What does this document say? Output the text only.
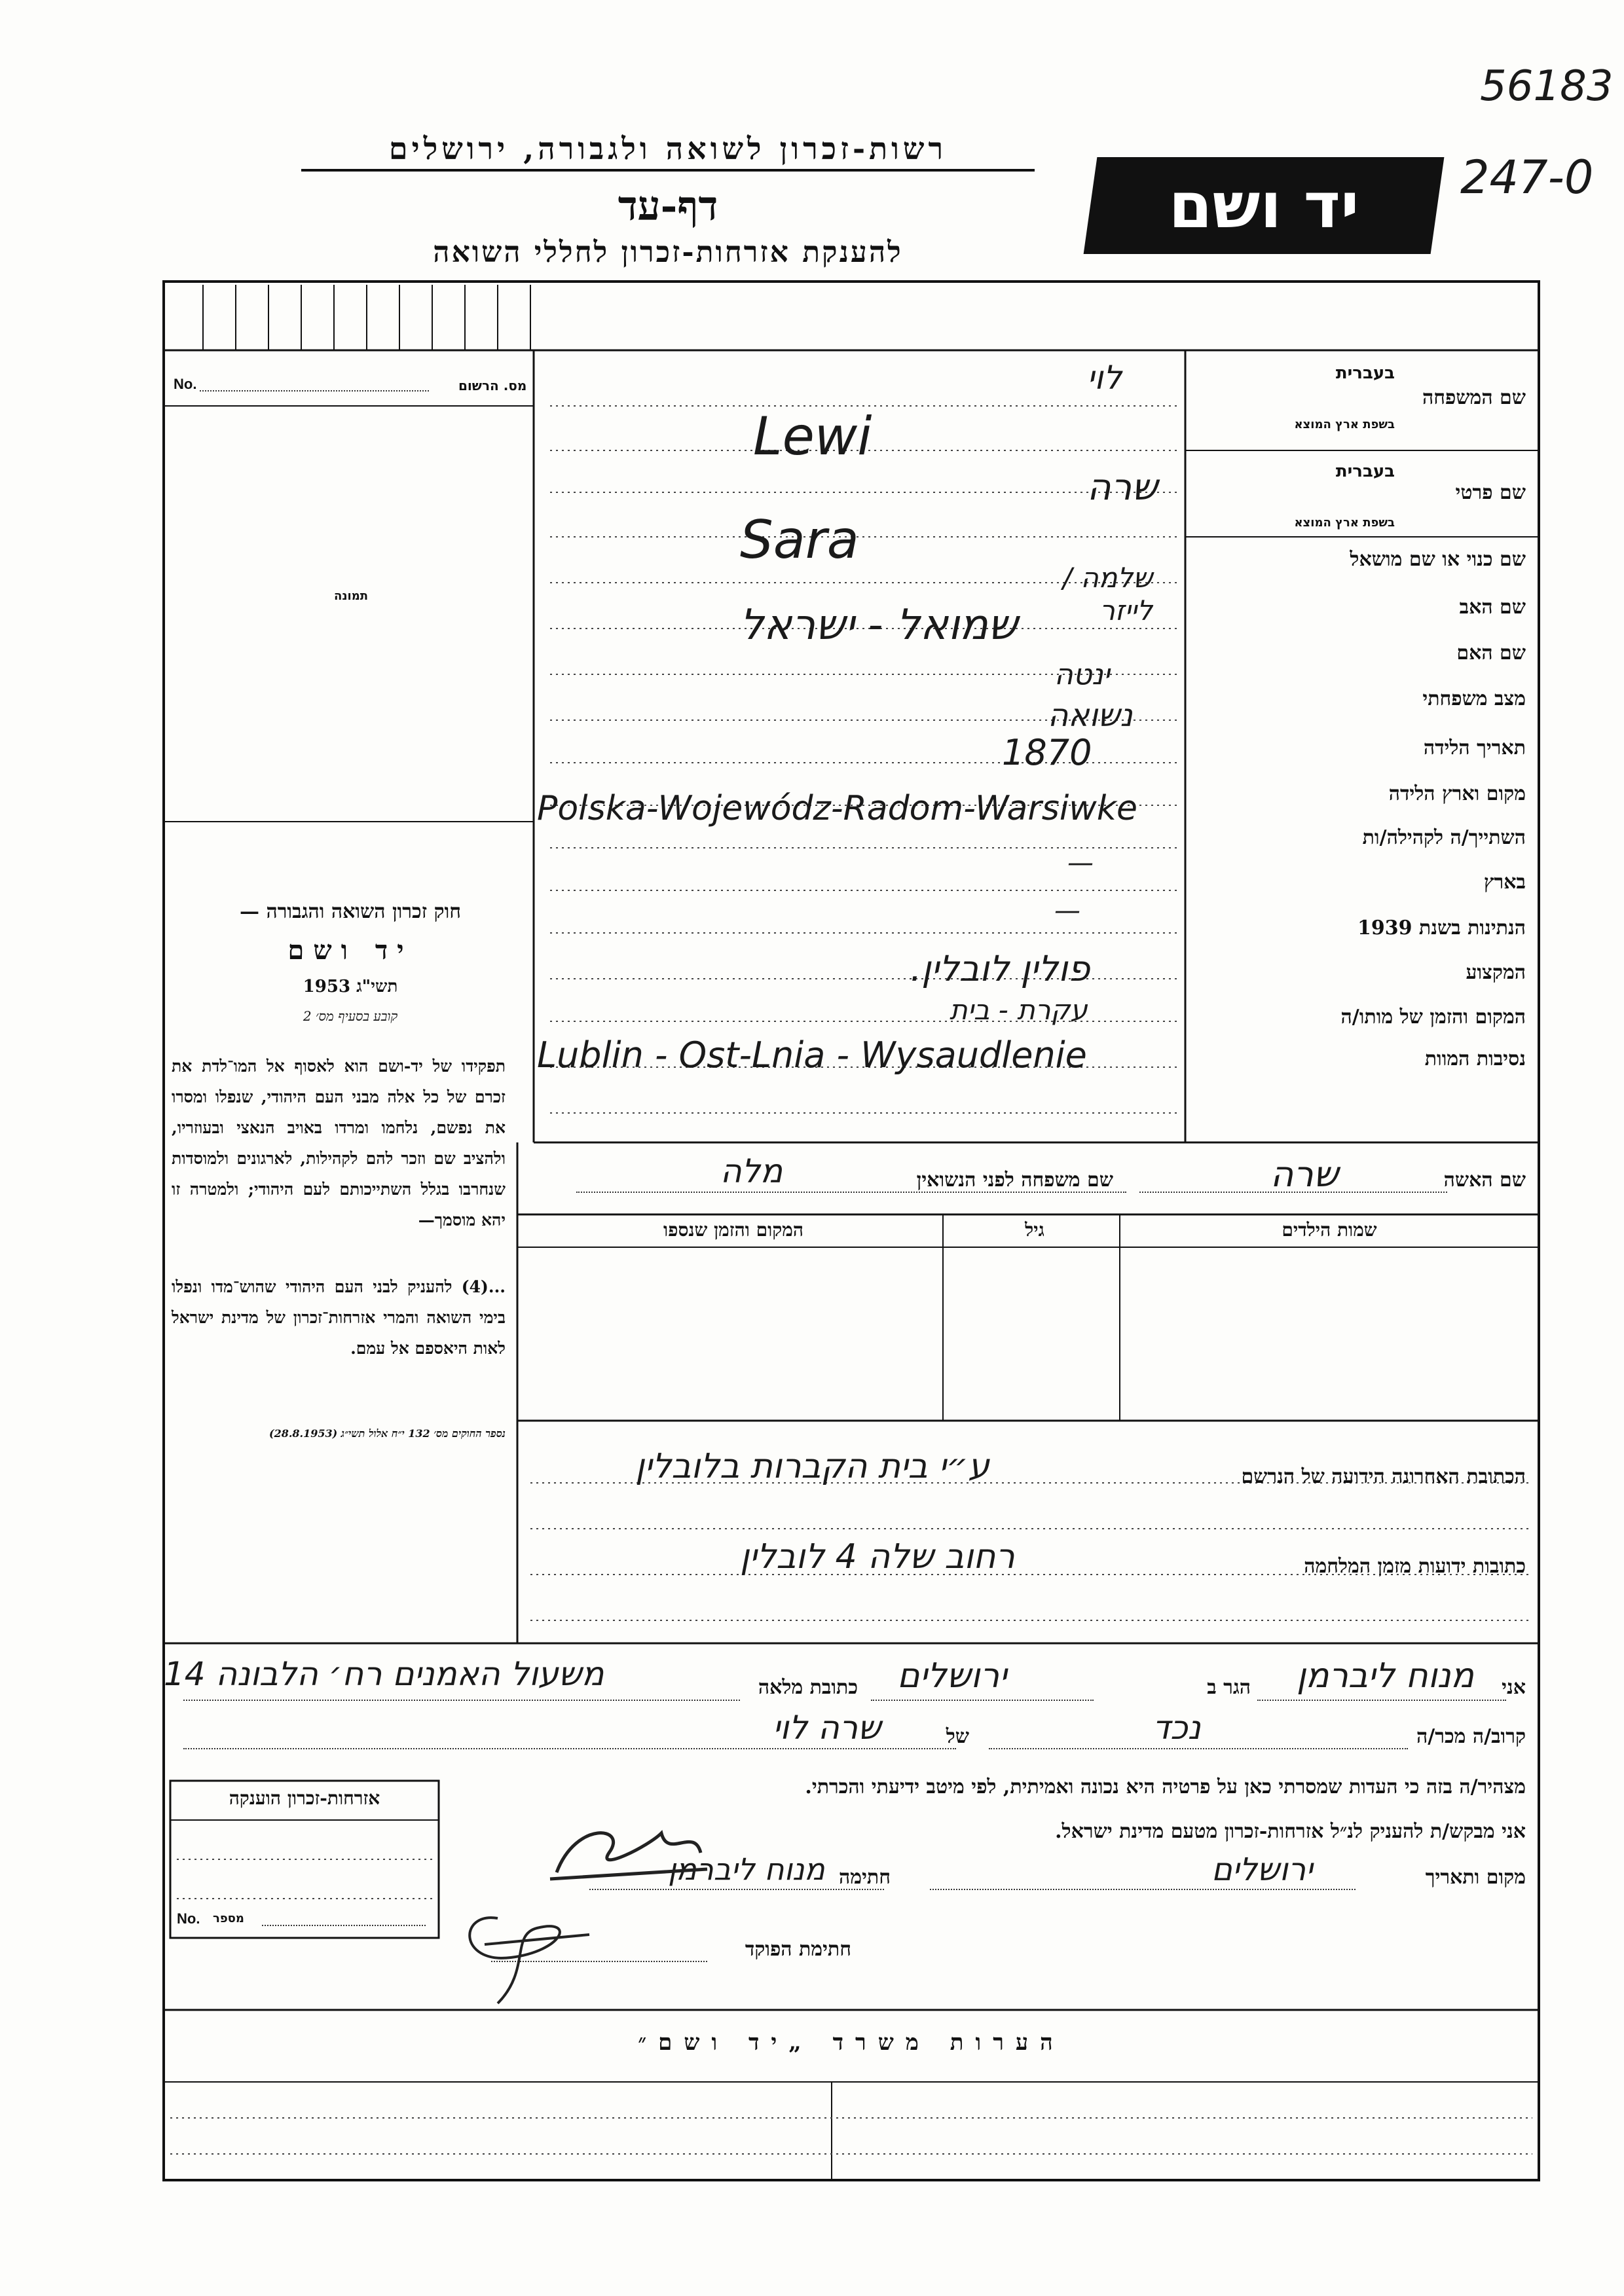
56183
247-0
רשות-זכרון לשואה ולגבורה, ירושלים
דף-עד
להענקת אזרחות-זכרון לחללי השואה
יד ושם
מס. הרשום
No.
תמונה
חוק זכרון השואה והגבורה —
יד ושם
תשי"ג 1953
קובע בסעיף מס׳ 2
תפקידו של יד-ושם הוא לאסוף אל המו־לדת את זכרם של כל אלה מבני העם היהודי, שנפלו ומסרו את נפשם, נלחמו ומרדו באויב הנאצי ובעוזריו, ולהציב שם וזכר להם לקהילות, לארגונים ולמוסדות שנחרבו בגלל השתייכותם לעם היהודי; ולמטרה זו יהא מוסמך—
...(4) להעניק לבני העם היהודי שהוש־מדו ונפלו בימי השואה והמרי אזרחות־זכרון של מדינת ישראל לאות היאספם אל עמם.
נספר החוקים מס׳ 132 י״ח אלול תשי״ג (28.8.1953)
בעברית
שם המשפחה
בשפת ארץ המוצא
בעברית
שם פרטי
בשפת ארץ המוצא
שם כנוי או שם מושאל
שם האב
שם האם
מצב משפחתי
תאריך הלידה
מקום וארץ הלידה
השתייך/ה לקהילה/ות
בארץ
הנתינות בשנת 1939
המקצוע
המקום והזמן של מותו/ה
נסיבות המוות
לוי
Lewi
שרה
Sara
שלמה / לייזר
שמואל - ישראל
ינטה
נשואה
1870
Polska-Wojewódz-Radom-Warsiwke
—
—
פולין לובלין.
עקרת - בית
Lublin - Ost-Lnia - Wysaudlenie
שם האשה
שרה
שם משפחה לפני הנשואין
מלה
שמות הילדים
גיל
המקום והזמן שנספו
הכתובת האחרונה הידועה של הנרשם
ע״י בית הקברות בלובלין
כתובות ידועות מזמן המלחמה
רחוב שלה 4 לובלין
אני
מנוח ליברמן
הגר ב
ירושלים
כתובת מלאה
משעול האמנים רח׳ הלבונה 14
קרוב/ה מכר/ה
נכד
של
שרה לוי
מצהיר/ה בזה כי העדות שמסרתי כאן על פרטיה היא נכונה ואמיתית, לפי מיטב ידיעתי והכרתי.
אני מבקש/ת להעניק לנ״ל אזרחות-זכרון מטעם מדינת ישראל.
מקום ותאריך
ירושלים
חתימה
מנוח ליברמן
חתימת הפוקד
אזרחות-זכרון הוענקה
No. מספר
הערות משרד „יד ושם״
